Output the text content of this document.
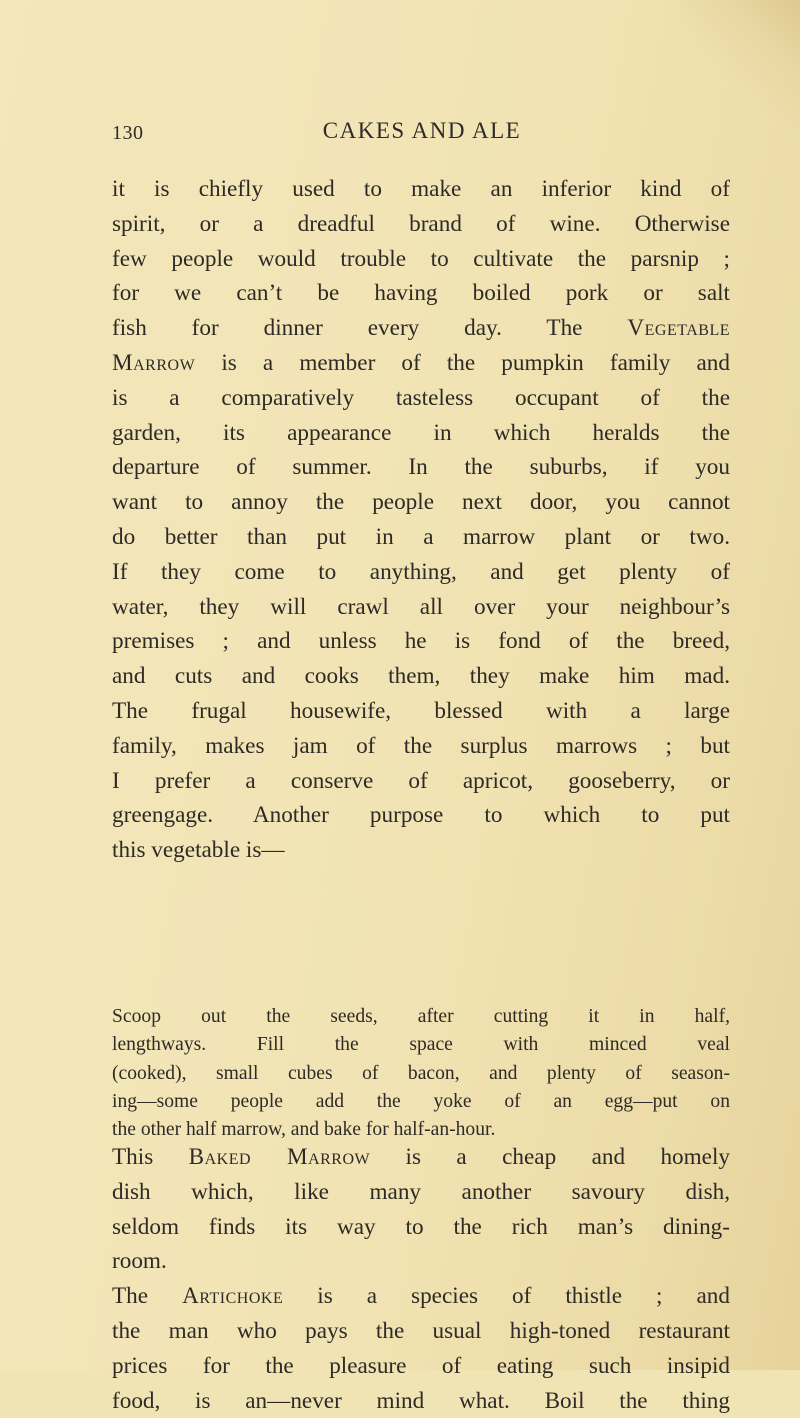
130	CAKES AND ALE
it is chiefly used to make an inferior kind of
spirit, or a dreadful brand of wine. Otherwise
few people would trouble to cultivate the parsnip ;
for we can’t be having boiled pork or salt
fish for dinner every day. The Vegetable
Marrow is a member of the pumpkin family and
is a comparatively tasteless occupant of the
garden, its appearance in which heralds the
departure of summer. In the suburbs, if you
want to annoy the people next door, you cannot
do better than put in a marrow plant or two.
If they come to anything, and get plenty of
water, they will crawl all over your neighbour’s
premises ; and unless he is fond of the breed,
and cuts and cooks them, they make him mad.
The frugal housewife, blessed with a large
family, makes jam of the surplus marrows ; but
I prefer a conserve of apricot, gooseberry, or
greengage. Another purpose to which to put
this vegetable is—
Scoop out the seeds, after cutting it in half,
lengthways. Fill the space with minced veal
(cooked), small cubes of bacon, and plenty of season-
ing—some people add the yoke of an egg—put on
the other half marrow, and bake for half-an-hour.
This Baked Marrow is a cheap and homely
dish which, like many another savoury dish,
seldom finds its way to the rich man’s dining-
room.
The Artichoke is a species of thistle ; and
the man who pays the usual high-toned restaurant
prices for the pleasure of eating such insipid
food, is an—never mind what. Boil the thing
